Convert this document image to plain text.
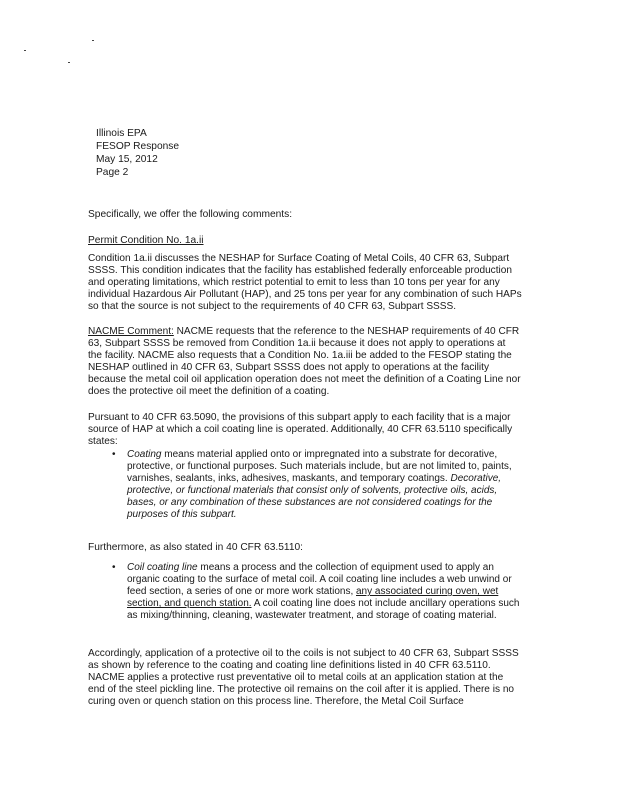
Illinois EPA
FESOP Response
May 15, 2012
Page 2
Specifically, we offer the following comments:
Permit Condition No. 1a.ii
Condition 1a.ii discusses the NESHAP for Surface Coating of Metal Coils, 40 CFR 63, Subpart SSSS. This condition indicates that the facility has established federally enforceable production and operating limitations, which restrict potential to emit to less than 10 tons per year for any individual Hazardous Air Pollutant (HAP), and 25 tons per year for any combination of such HAPs so that the source is not subject to the requirements of 40 CFR 63, Subpart SSSS.
NACME Comment: NACME requests that the reference to the NESHAP requirements of 40 CFR 63, Subpart SSSS be removed from Condition 1a.ii because it does not apply to operations at the facility. NACME also requests that a Condition No. 1a.iii be added to the FESOP stating the NESHAP outlined in 40 CFR 63, Subpart SSSS does not apply to operations at the facility because the metal coil oil application operation does not meet the definition of a Coating Line nor does the protective oil meet the definition of a coating.
Pursuant to 40 CFR 63.5090, the provisions of this subpart apply to each facility that is a major source of HAP at which a coil coating line is operated. Additionally, 40 CFR 63.5110 specifically states:
• Coating means material applied onto or impregnated into a substrate for decorative, protective, or functional purposes. Such materials include, but are not limited to, paints, varnishes, sealants, inks, adhesives, maskants, and temporary coatings. Decorative, protective, or functional materials that consist only of solvents, protective oils, acids, bases, or any combination of these substances are not considered coatings for the purposes of this subpart.
Furthermore, as also stated in 40 CFR 63.5110:
• Coil coating line means a process and the collection of equipment used to apply an organic coating to the surface of metal coil. A coil coating line includes a web unwind or feed section, a series of one or more work stations, any associated curing oven, wet section, and quench station. A coil coating line does not include ancillary operations such as mixing/thinning, cleaning, wastewater treatment, and storage of coating material.
Accordingly, application of a protective oil to the coils is not subject to 40 CFR 63, Subpart SSSS as shown by reference to the coating and coating line definitions listed in 40 CFR 63.5110. NACME applies a protective rust preventative oil to metal coils at an application station at the end of the steel pickling line. The protective oil remains on the coil after it is applied. There is no curing oven or quench station on this process line. Therefore, the Metal Coil Surface
